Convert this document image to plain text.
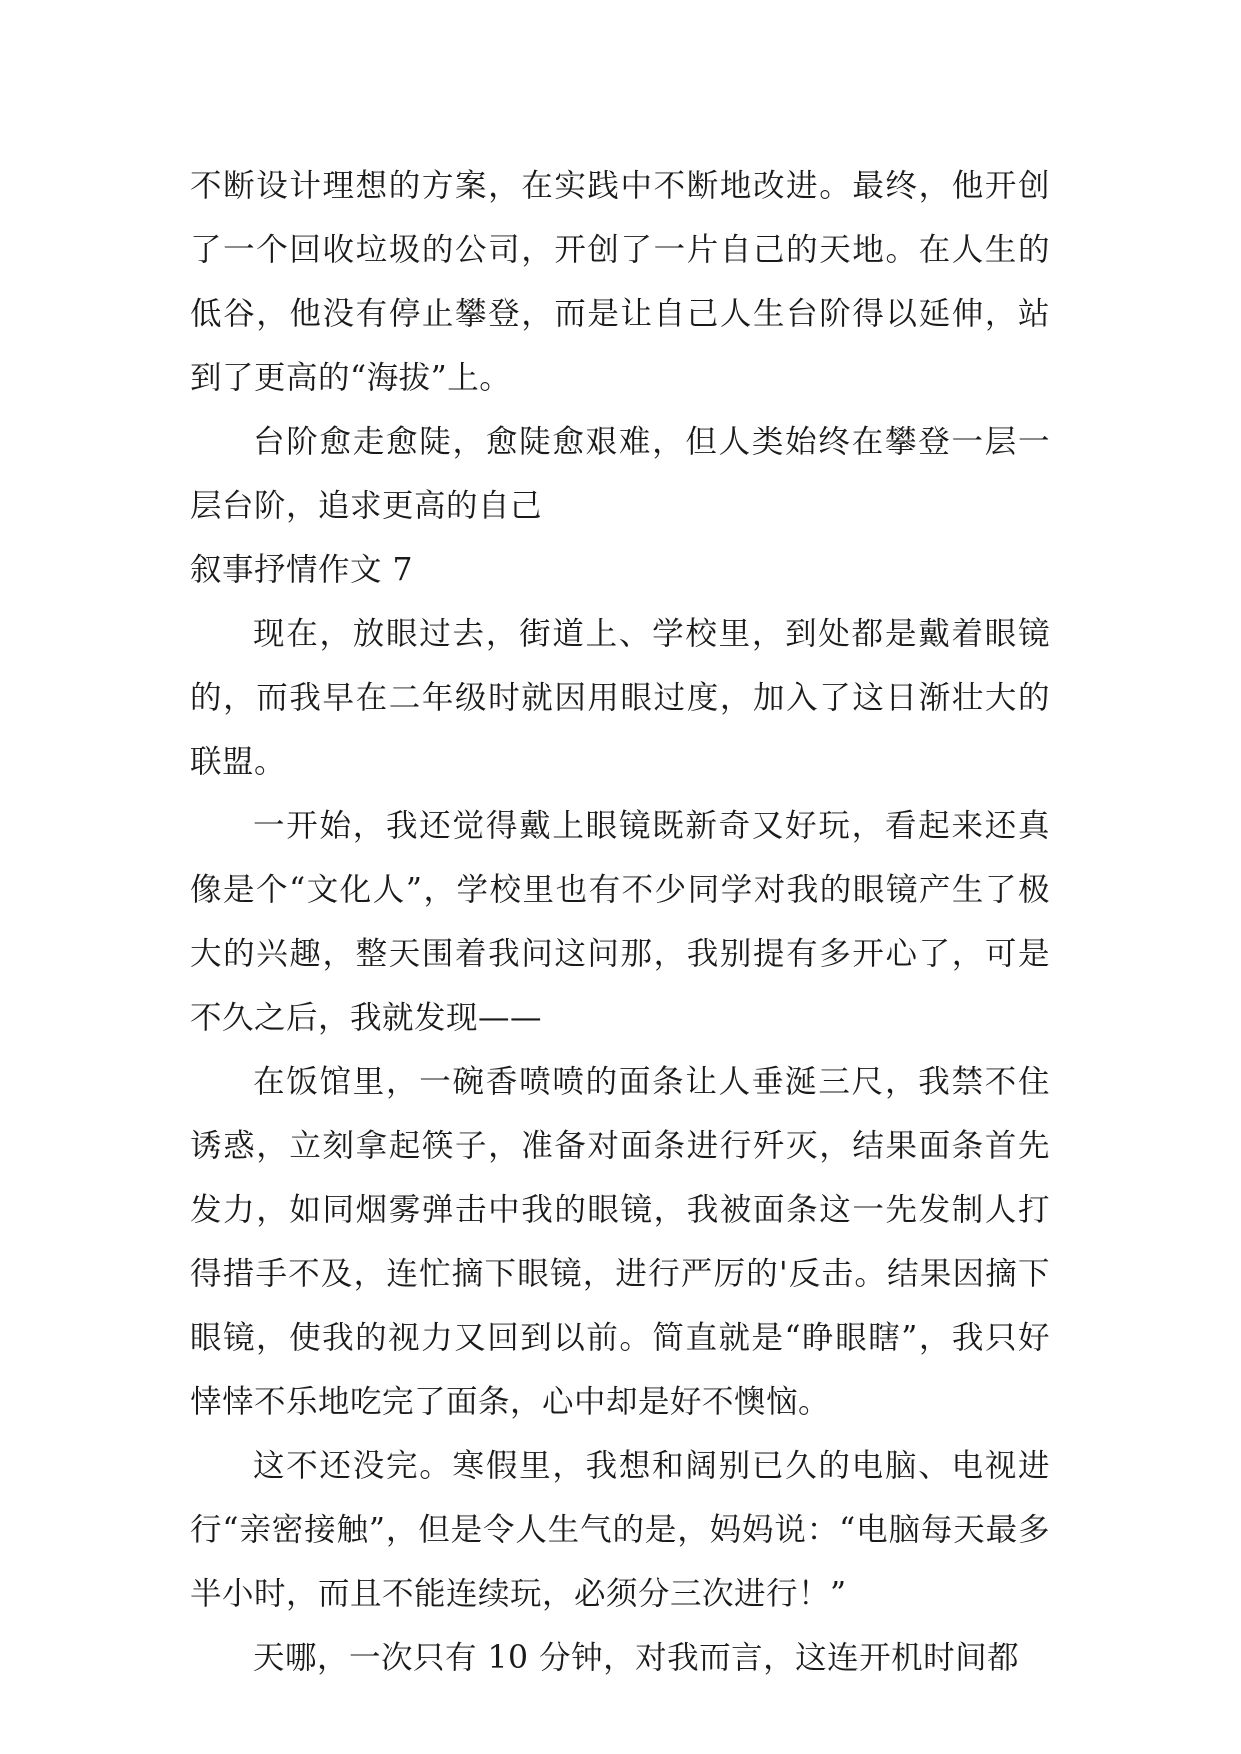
不断设计理想的方案，在实践中不断地改进。最终，他开创了一个回收垃圾的公司，开创了一片自己的天地。在人生的低谷，他没有停止攀登，而是让自己人生台阶得以延伸，站到了更高的“海拔”上。

台阶愈走愈陡，愈陡愈艰难，但人类始终在攀登一层一层台阶，追求更高的自己

叙事抒情作文 7

现在，放眼过去，街道上、学校里，到处都是戴着眼镜的，而我早在二年级时就因用眼过度，加入了这日渐壮大的联盟。

一开始，我还觉得戴上眼镜既新奇又好玩，看起来还真像是个“文化人”，学校里也有不少同学对我的眼镜产生了极大的兴趣，整天围着我问这问那，我别提有多开心了，可是不久之后，我就发现——

在饭馆里，一碗香喷喷的面条让人垂涎三尺，我禁不住诱惑，立刻拿起筷子，准备对面条进行歼灭，结果面条首先发力，如同烟雾弹击中我的眼镜，我被面条这一先发制人打得措手不及，连忙摘下眼镜，进行严厉的'反击。结果因摘下眼镜，使我的视力又回到以前。简直就是“睁眼瞎”，我只好悻悻不乐地吃完了面条，心中却是好不懊恼。

这不还没完。寒假里，我想和阔别已久的电脑、电视进行“亲密接触”，但是令人生气的是，妈妈说：“电脑每天最多半小时，而且不能连续玩，必须分三次进行！”

天哪，一次只有 10 分钟，对我而言，这连开机时间都
